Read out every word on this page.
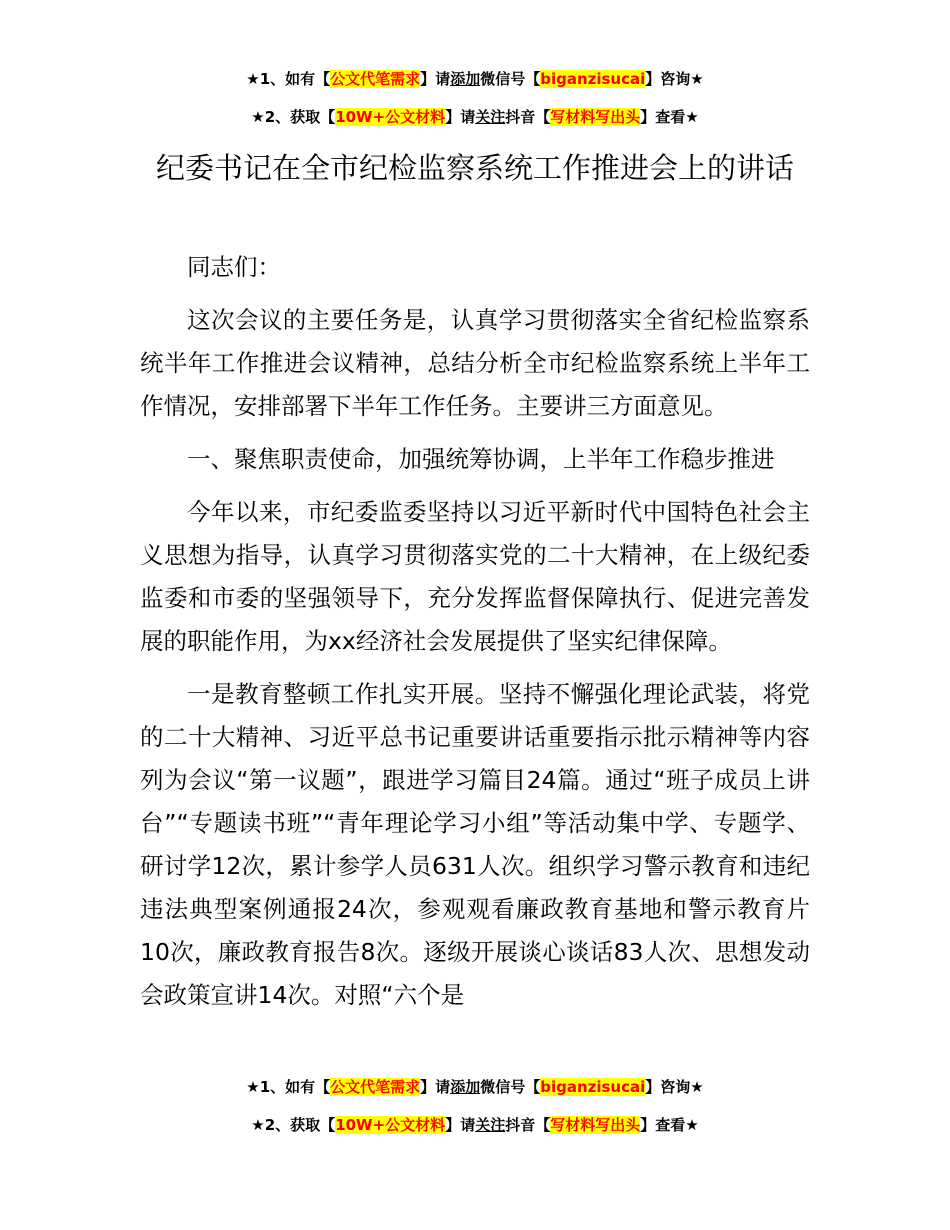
★1、如有【公文代笔需求】请添加微信号【biganzisucai】咨询★
★2、获取【10W+公文材料】请关注抖音【写材料写出头】查看★
纪委书记在全市纪检监察系统工作推进会上的讲话

同志们：

这次会议的主要任务是，认真学习贯彻落实全省纪检监察系统半年工作推进会议精神，总结分析全市纪检监察系统上半年工作情况，安排部署下半年工作任务。主要讲三方面意见。

一、聚焦职责使命，加强统筹协调，上半年工作稳步推进

今年以来，市纪委监委坚持以习近平新时代中国特色社会主义思想为指导，认真学习贯彻落实党的二十大精神，在上级纪委监委和市委的坚强领导下，充分发挥监督保障执行、促进完善发展的职能作用，为xx经济社会发展提供了坚实纪律保障。

一是教育整顿工作扎实开展。坚持不懈强化理论武装，将党的二十大精神、习近平总书记重要讲话重要指示批示精神等内容列为会议“第一议题”，跟进学习篇目24篇。通过“班子成员上讲台”“专题读书班”“青年理论学习小组”等活动集中学、专题学、研讨学12次，累计参学人员631人次。组织学习警示教育和违纪违法典型案例通报24次，参观观看廉政教育基地和警示教育片10次，廉政教育报告8次。逐级开展谈心谈话83人次、思想发动会政策宣讲14次。对照“六个是

★1、如有【公文代笔需求】请添加微信号【biganzisucai】咨询★
★2、获取【10W+公文材料】请关注抖音【写材料写出头】查看★
